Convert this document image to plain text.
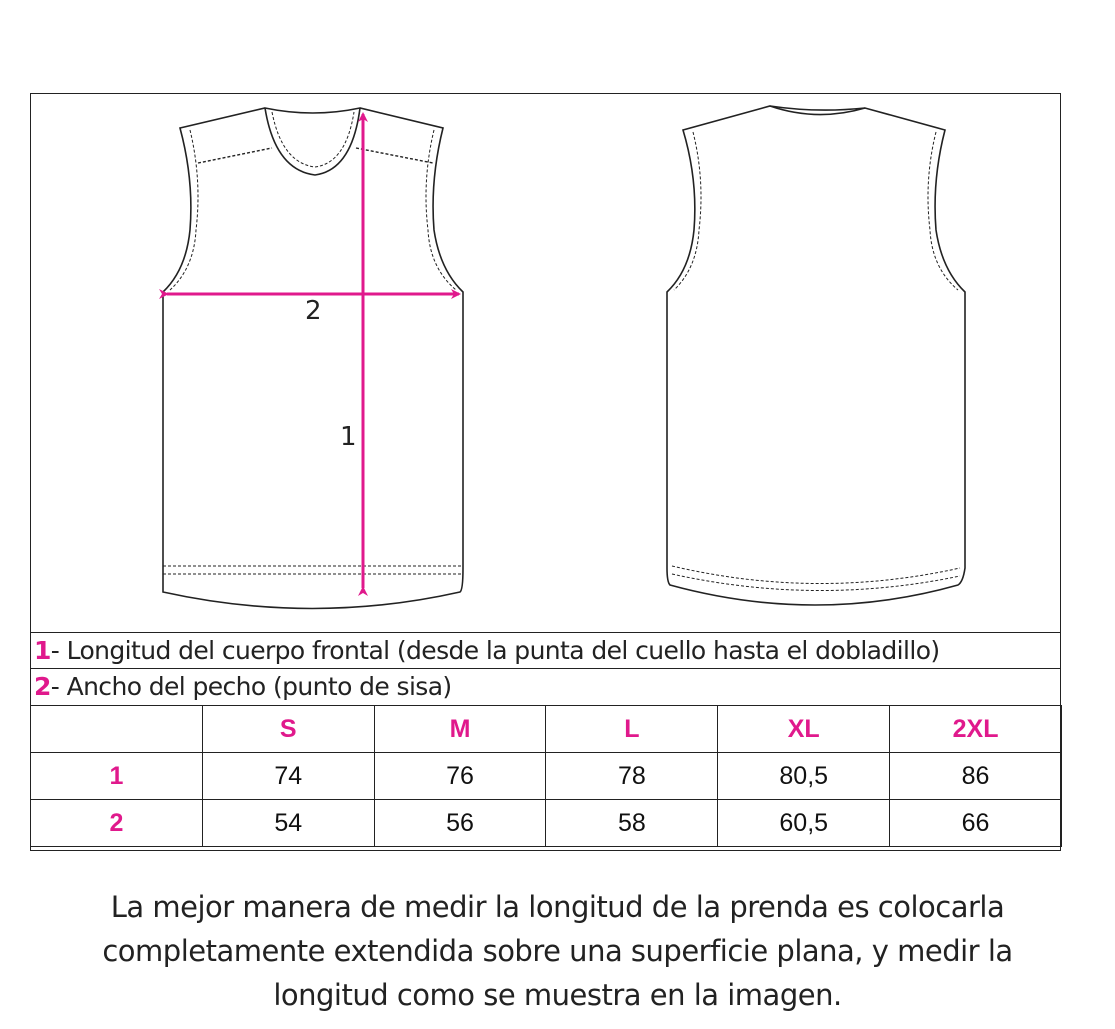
2
1
1- Longitud del cuerpo frontal (desde la punta del cuello hasta el dobladillo)
2- Ancho del pecho (punto de sisa)
	S	M	L	XL	2XL
1	74	76	78	80,5	86
2	54	56	58	60,5	66
La mejor manera de medir la longitud de la prenda es colocarla
completamente extendida sobre una superficie plana, y medir la
longitud como se muestra en la imagen.
